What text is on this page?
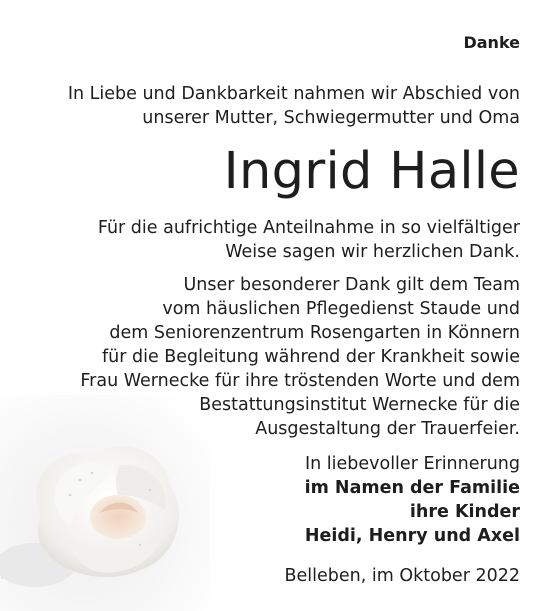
Danke
In Liebe und Dankbarkeit nahmen wir Abschied von
unserer Mutter, Schwiegermutter und Oma
Ingrid Halle
Für die aufrichtige Anteilnahme in so vielfältiger
Weise sagen wir herzlichen Dank.
Unser besonderer Dank gilt dem Team
vom häuslichen Pflegedienst Staude und
dem Seniorenzentrum Rosengarten in Könnern
für die Begleitung während der Krankheit sowie
Frau Wernecke für ihre tröstenden Worte und dem
Bestattungsinstitut Wernecke für die
Ausgestaltung der Trauerfeier.
In liebevoller Erinnerung
im Namen der Familie
ihre Kinder
Heidi, Henry und Axel
Belleben, im Oktober 2022
